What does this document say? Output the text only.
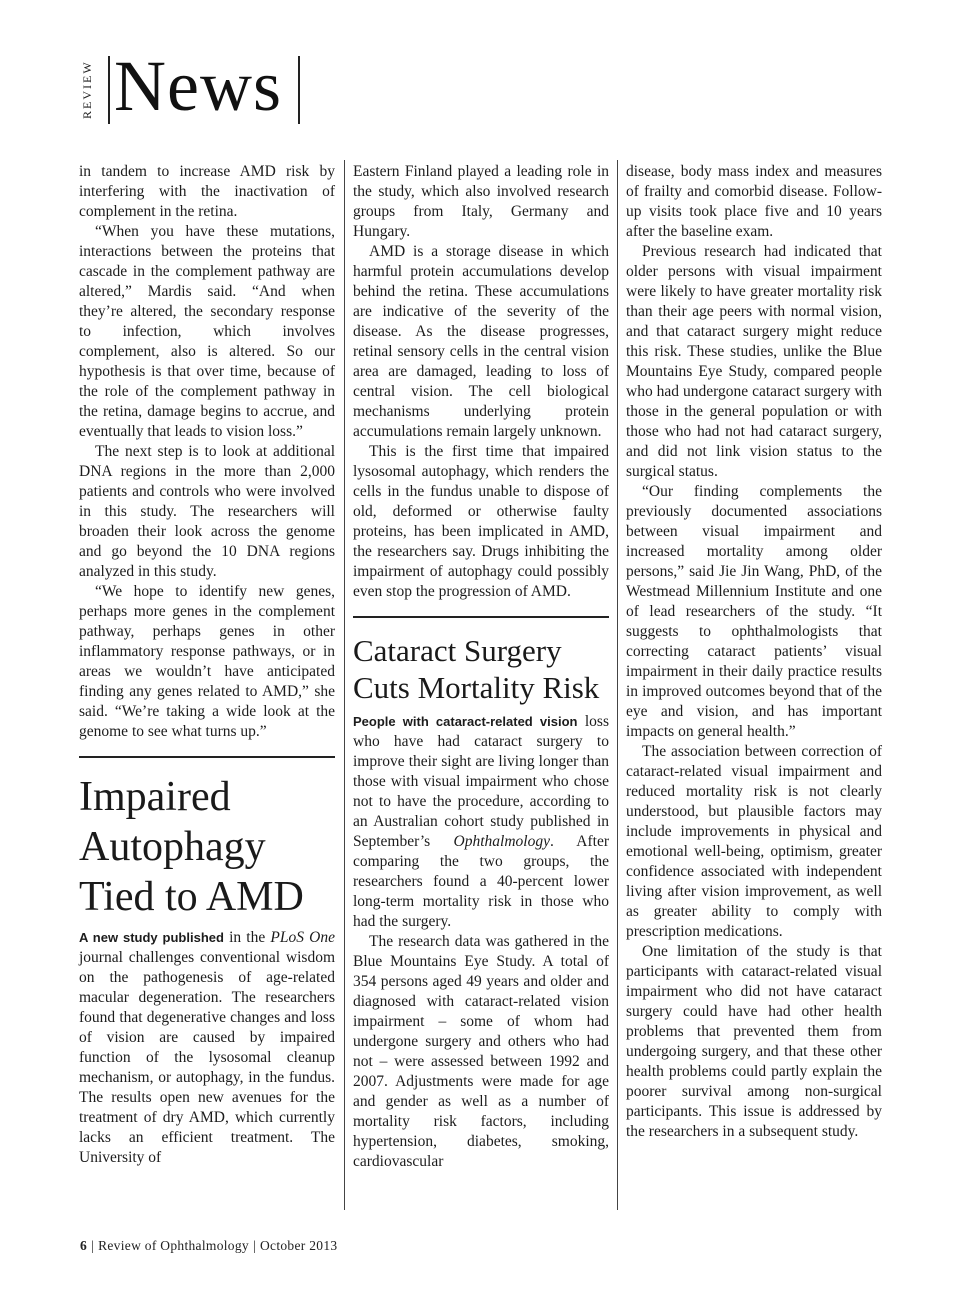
REVIEW News

in tandem to increase AMD risk by interfering with the inactivation of complement in the retina.

“When you have these mutations, interactions between the proteins that cascade in the complement pathway are altered,” Mardis said. “And when they’re altered, the secondary response to infection, which involves complement, also is altered. So our hypothesis is that over time, because of the role of the complement pathway in the retina, damage begins to accrue, and eventually that leads to vision loss.”

The next step is to look at additional DNA regions in the more than 2,000 patients and controls who were involved in this study. The researchers will broaden their look across the genome and go beyond the 10 DNA regions analyzed in this study.

“We hope to identify new genes, perhaps more genes in the complement pathway, perhaps genes in other inflammatory response pathways, or in areas we wouldn’t have anticipated finding any genes related to AMD,” she said. “We’re taking a wide look at the genome to see what turns up.”

Impaired Autophagy Tied to AMD

A new study published in the PLoS One journal challenges conventional wisdom on the pathogenesis of age-related macular degeneration. The researchers found that degenerative changes and loss of vision are caused by impaired function of the lysosomal cleanup mechanism, or autophagy, in the fundus. The results open new avenues for the treatment of dry AMD, which currently lacks an efficient treatment. The University of

Eastern Finland played a leading role in the study, which also involved research groups from Italy, Germany and Hungary.

AMD is a storage disease in which harmful protein accumulations develop behind the retina. These accumulations are indicative of the severity of the disease. As the disease progresses, retinal sensory cells in the central vision area are damaged, leading to loss of central vision. The cell biological mechanisms underlying protein accumulations remain largely unknown.

This is the first time that impaired lysosomal autophagy, which renders the cells in the fundus unable to dispose of old, deformed or otherwise faulty proteins, has been implicated in AMD, the researchers say. Drugs inhibiting the impairment of autophagy could possibly even stop the progression of AMD.

Cataract Surgery Cuts Mortality Risk

People with cataract-related vision loss who have had cataract surgery to improve their sight are living longer than those with visual impairment who chose not to have the procedure, according to an Australian cohort study published in September’s Ophthalmology. After comparing the two groups, the researchers found a 40-percent lower long-term mortality risk in those who had the surgery.

The research data was gathered in the Blue Mountains Eye Study. A total of 354 persons aged 49 years and older and diagnosed with cataract-related vision impairment – some of whom had undergone surgery and others who had not – were assessed between 1992 and 2007. Adjustments were made for age and gender as well as a number of mortality risk factors, including hypertension, diabetes, smoking, cardiovascular

disease, body mass index and measures of frailty and comorbid disease. Follow-up visits took place five and 10 years after the baseline exam.

Previous research had indicated that older persons with visual impairment were likely to have greater mortality risk than their age peers with normal vision, and that cataract surgery might reduce this risk. These studies, unlike the Blue Mountains Eye Study, compared people who had undergone cataract surgery with those in the general population or with those who had not had cataract surgery, and did not link vision status to the surgical status.

“Our finding complements the previously documented associations between visual impairment and increased mortality among older persons,” said Jie Jin Wang, PhD, of the Westmead Millennium Institute and one of lead researchers of the study. “It suggests to ophthalmologists that correcting cataract patients’ visual impairment in their daily practice results in improved outcomes beyond that of the eye and vision, and has important impacts on general health.”

The association between correction of cataract-related visual impairment and reduced mortality risk is not clearly understood, but plausible factors may include improvements in physical and emotional well-being, optimism, greater confidence associated with independent living after vision improvement, as well as greater ability to comply with prescription medications.

One limitation of the study is that participants with cataract-related visual impairment who did not have cataract surgery could have had other health problems that prevented them from undergoing surgery, and that these other health problems could partly explain the poorer survival among non-surgical participants. This issue is addressed by the researchers in a subsequent study.

6 | Review of Ophthalmology | October 2013
